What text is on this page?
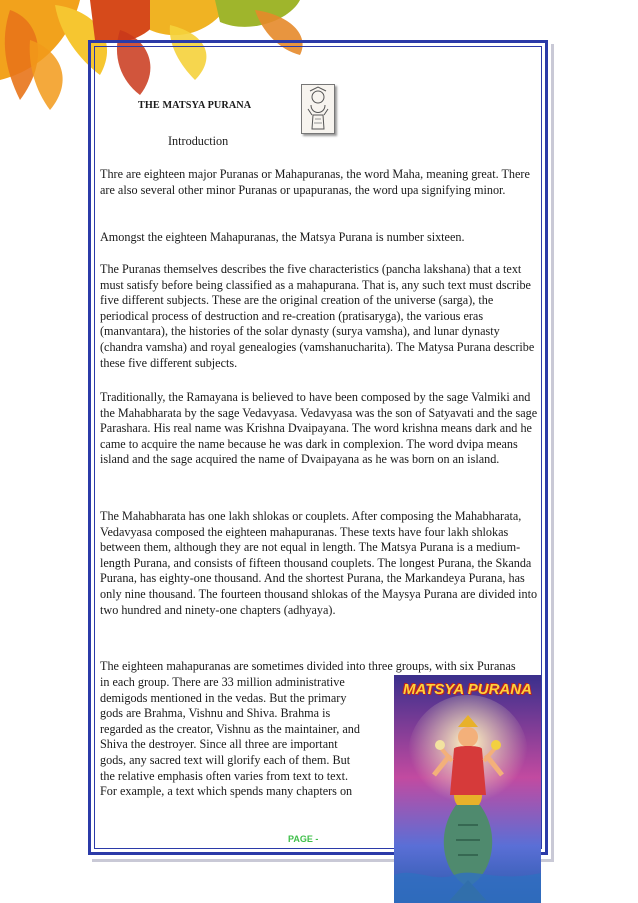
THE MATSYA PURANA
Introduction

Thre are eighteen major Puranas or Mahapuranas, the word Maha, meaning great. There are also several other minor Puranas or upapuranas, the word upa signifying minor.

Amongst the eighteen Mahapuranas, the Matsya Purana is number sixteen.

The Puranas themselves describes the five characteristics (pancha lakshana) that a text must satisfy before being classified as a mahapurana. That is, any such text must dscribe five different subjects. These are the original creation of the universe (sarga), the periodical process of destruction and re-creation (pratisaryga), the various eras (manvantara), the histories of the solar dynasty (surya vamsha), and lunar dynasty (chandra vamsha) and royal genealogies (vamshanucharita). The Matysa Purana describe these five different subjects.

Traditionally, the Ramayana is believed to have been composed by the sage Valmiki and the Mahabharata by the sage Vedavyasa. Vedavyasa was the son of Satyavati and the sage Parashara. His real name was Krishna Dvaipayana. The word krishna means dark and he came to acquire the name because he was dark in complexion. The word dvipa means island and the sage acquired the name of Dvaipayana as he was born on an island.

The Mahabharata has one lakh shlokas or couplets. After composing the Mahabharata, Vedavyasa composed the eighteen mahapuranas. These texts have four lakh shlokas between them, although they are not equal in length. The Matsya Purana is a medium-length Purana, and consists of fifteen thousand couplets. The longest Purana, the Skanda Purana, has eighty-one thousand. And the shortest Purana, the Markandeya Purana, has only nine thousand. The fourteen thousand shlokas of the Maysya Purana are divided into two hundred and ninety-one chapters (adhyaya).

The eighteen mahapuranas are sometimes divided into three groups, with six Puranas
in each group. There are 33 million administrative
demigods mentioned in the vedas. But the primary
gods are Brahma, Vishnu and Shiva. Brahma is
regarded as the creator, Vishnu as the maintainer, and
Shiva the destroyer. Since all three are important
gods, any sacred text will glorify each of them. But
the relative emphasis often varies from text to text.
For example, a text which spends many chapters on
MATSYA PURANA
PAGE -
